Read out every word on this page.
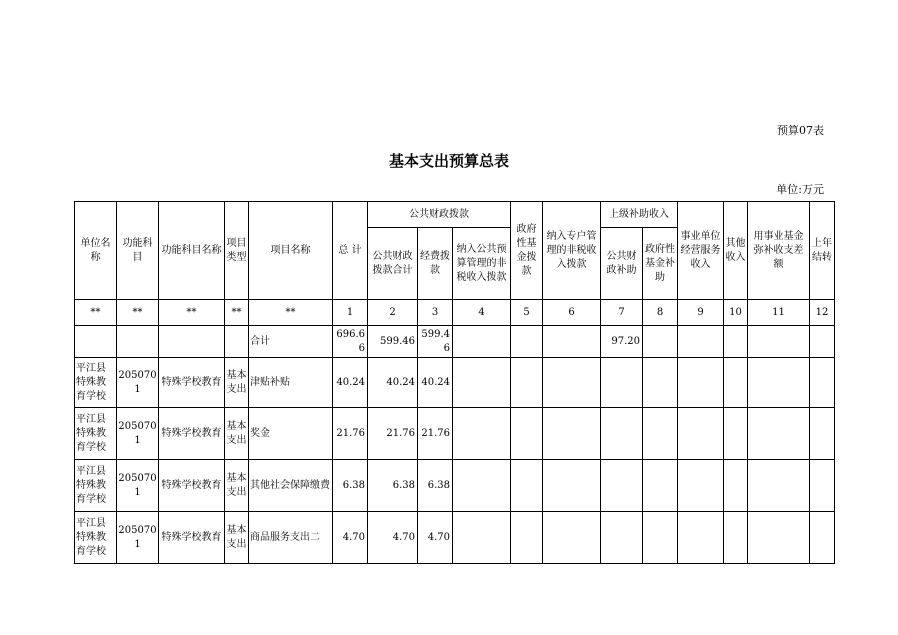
预算07表
基本支出预算总表
单位:万元
单位名称	功能科目	功能科目名称	项目类型	项目名称	总 计	公共财政拨款			政府性基金拨款	纳入专户管理的非税收入拨款	上级补助收入		事业单位经营服务收入	其他收入	用事业基金弥补收支差额	上年结转
						公共财政拨款合计	经费拨款	纳入公共预算管理的非税收入拨款			公共财政补助	政府性基金补助				
**	**	**	**	**	1	2	3	4	5	6	7	8	9	10	11	12
				合计	696.66	599.46	599.46				97.20					
平江县特殊教育学校	2050701	特殊学校教育	基本支出	津贴补贴	40.24	40.24	40.24									
平江县特殊教育学校	2050701	特殊学校教育	基本支出	奖金	21.76	21.76	21.76									
平江县特殊教育学校	2050701	特殊学校教育	基本支出	其他社会保障缴费	6.38	6.38	6.38									
平江县特殊教育学校	2050701	特殊学校教育	基本支出	商品服务支出二	4.70	4.70	4.70									
